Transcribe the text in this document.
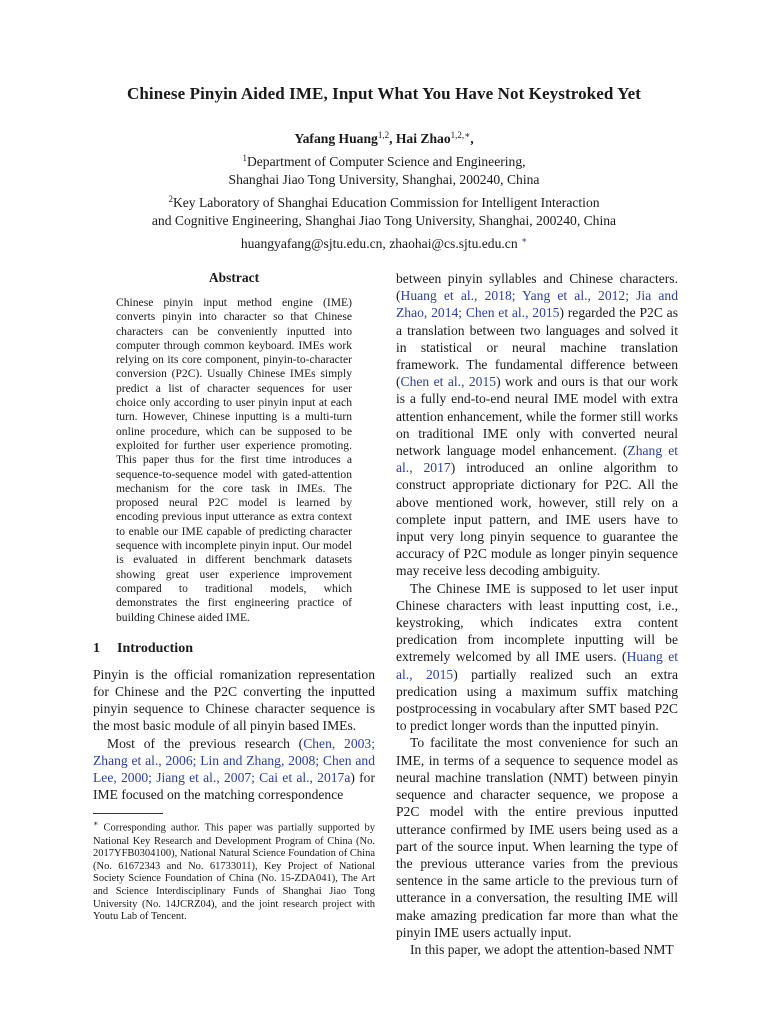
Chinese Pinyin Aided IME, Input What You Have Not Keystroked Yet
Yafang Huang$^{1,2}$, Hai Zhao$^{1,2,∗}$,
$^1$Department of Computer Science and Engineering,
Shanghai Jiao Tong University, Shanghai, 200240, China
$^2$Key Laboratory of Shanghai Education Commission for Intelligent Interaction
and Cognitive Engineering, Shanghai Jiao Tong University, Shanghai, 200240, China
huangyafang@sjtu.edu.cn, zhaohai@cs.sjtu.edu.cn ∗
Abstract

Chinese pinyin input method engine (IME) converts pinyin into character so that Chinese characters can be conveniently inputted into computer through common keyboard. IMEs work relying on its core component, pinyin-to-character conversion (P2C). Usually Chinese IMEs simply predict a list of character sequences for user choice only according to user pinyin input at each turn. However, Chinese inputting is a multi-turn online procedure, which can be supposed to be exploited for further user experience promoting. This paper thus for the first time introduces a sequence-to-sequence model with gated-attention mechanism for the core task in IMEs. The proposed neural P2C model is learned by encoding previous input utterance as extra context to enable our IME capable of predicting character sequence with incomplete pinyin input. Our model is evaluated in different benchmark datasets showing great user experience improvement compared to traditional models, which demonstrates the first engineering practice of building Chinese aided IME.

1 Introduction

Pinyin is the official romanization representation for Chinese and the P2C converting the inputted pinyin sequence to Chinese character sequence is the most basic module of all pinyin based IMEs.

Most of the previous research (Chen, 2003; Zhang et al., 2006; Lin and Zhang, 2008; Chen and Lee, 2000; Jiang et al., 2007; Cai et al., 2017a) for IME focused on the matching correspondence

∗ Corresponding author. This paper was partially supported by National Key Research and Development Program of China (No. 2017YFB0304100), National Natural Science Foundation of China (No. 61672343 and No. 61733011), Key Project of National Society Science Foundation of China (No. 15-ZDA041), The Art and Science Interdisciplinary Funds of Shanghai Jiao Tong University (No. 14JCRZ04), and the joint research project with Youtu Lab of Tencent.

between pinyin syllables and Chinese characters. (Huang et al., 2018; Yang et al., 2012; Jia and Zhao, 2014; Chen et al., 2015) regarded the P2C as a translation between two languages and solved it in statistical or neural machine translation framework. The fundamental difference between (Chen et al., 2015) work and ours is that our work is a fully end-to-end neural IME model with extra attention enhancement, while the former still works on traditional IME only with converted neural network language model enhancement. (Zhang et al., 2017) introduced an online algorithm to construct appropriate dictionary for P2C. All the above mentioned work, however, still rely on a complete input pattern, and IME users have to input very long pinyin sequence to guarantee the accuracy of P2C module as longer pinyin sequence may receive less decoding ambiguity.

The Chinese IME is supposed to let user input Chinese characters with least inputting cost, i.e., keystroking, which indicates extra content predication from incomplete inputting will be extremely welcomed by all IME users. (Huang et al., 2015) partially realized such an extra predication using a maximum suffix matching postprocessing in vocabulary after SMT based P2C to predict longer words than the inputted pinyin.

To facilitate the most convenience for such an IME, in terms of a sequence to sequence model as neural machine translation (NMT) between pinyin sequence and character sequence, we propose a P2C model with the entire previous inputted utterance confirmed by IME users being used as a part of the source input. When learning the type of the previous utterance varies from the previous sentence in the same article to the previous turn of utterance in a conversation, the resulting IME will make amazing predication far more than what the pinyin IME users actually input.

In this paper, we adopt the attention-based NMT
